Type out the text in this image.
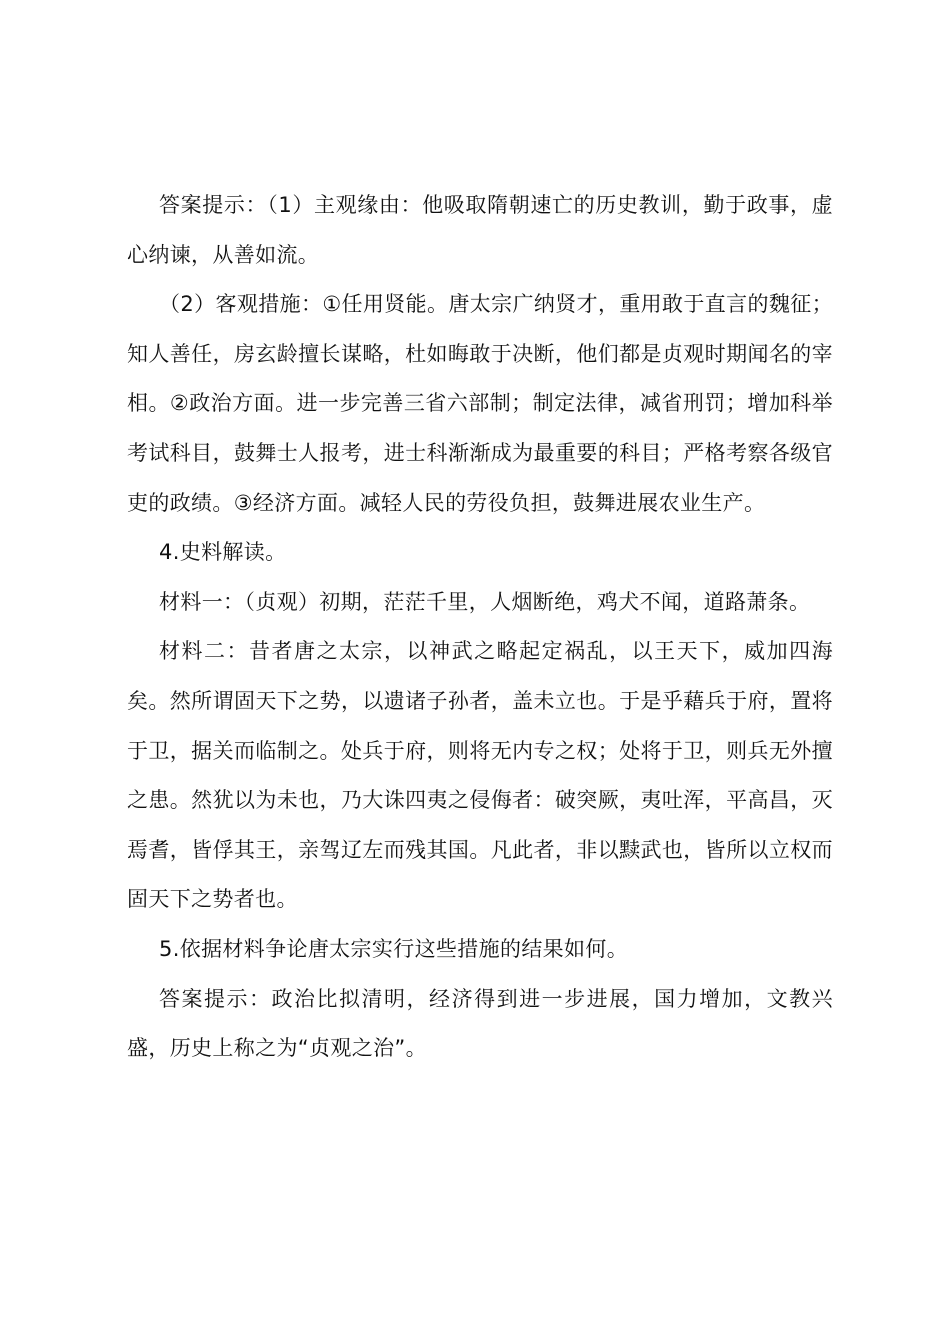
答案提示：（1）主观缘由：他吸取隋朝速亡的历史教训，勤于政事，虚心纳谏，从善如流。

（2）客观措施：①任用贤能。唐太宗广纳贤才，重用敢于直言的魏征；知人善任，房玄龄擅长谋略，杜如晦敢于决断，他们都是贞观时期闻名的宰相。②政治方面。进一步完善三省六部制；制定法律，减省刑罚；增加科举考试科目，鼓舞士人报考，进士科渐渐成为最重要的科目；严格考察各级官吏的政绩。③经济方面。减轻人民的劳役负担，鼓舞进展农业生产。

4.史料解读。

材料一：（贞观）初期，茫茫千里，人烟断绝，鸡犬不闻，道路萧条。

材料二：昔者唐之太宗，以神武之略起定祸乱，以王天下，威加四海矣。然所谓固天下之势，以遗诸子孙者，盖未立也。于是乎藉兵于府，置将于卫，据关而临制之。处兵于府，则将无内专之权；处将于卫，则兵无外擅之患。然犹以为未也，乃大诛四夷之侵侮者：破突厥，夷吐浑，平高昌，灭焉耆，皆俘其王，亲驾辽左而残其国。凡此者，非以黩武也，皆所以立权而固天下之势者也。

5.依据材料争论唐太宗实行这些措施的结果如何。

答案提示：政治比拟清明，经济得到进一步进展，国力增加，文教兴盛，历史上称之为“贞观之治”。
